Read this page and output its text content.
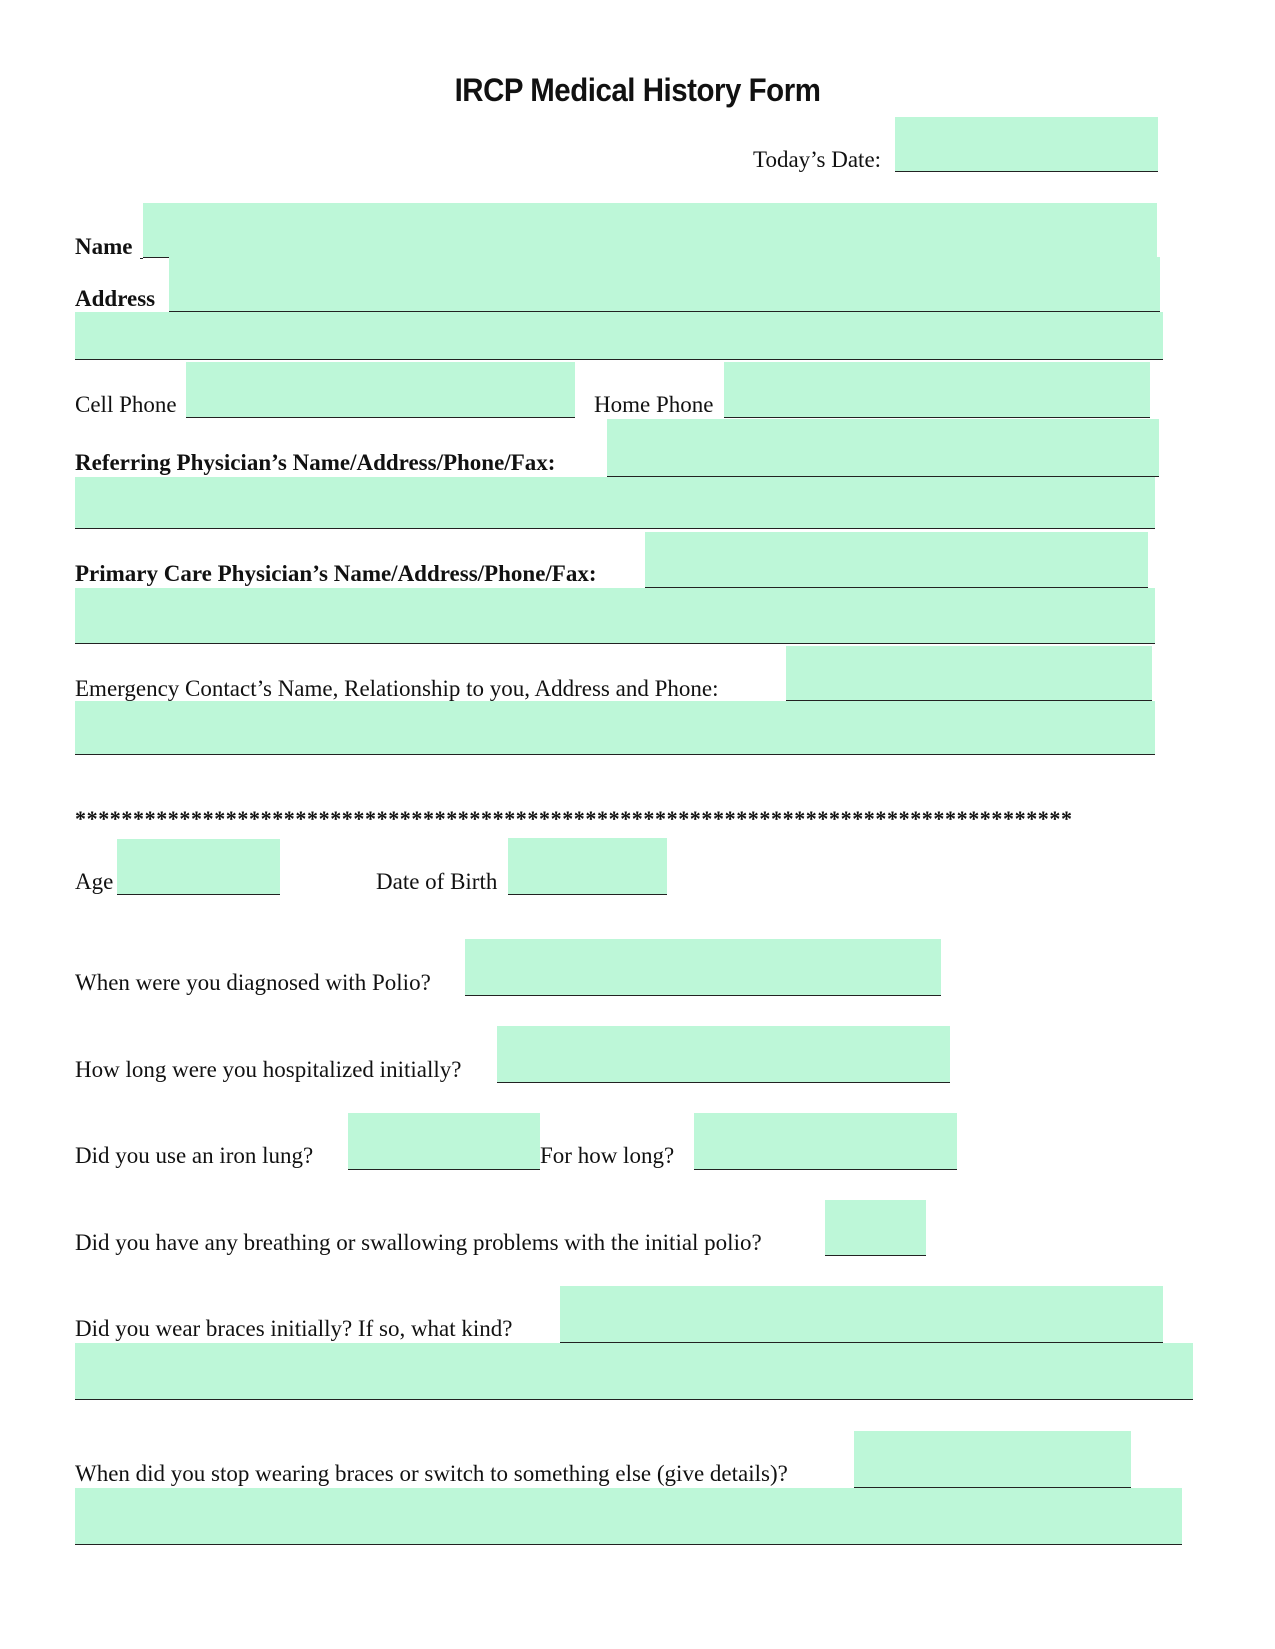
IRCP Medical History Form
Today’s Date:
Name
Address
Cell Phone	Home Phone
Referring Physician’s Name/Address/Phone/Fax:
Primary Care Physician’s Name/Address/Phone/Fax:
Emergency Contact’s Name, Relationship to you, Address and Phone:
**************************************************************************************
Age	Date of Birth
When were you diagnosed with Polio?
How long were you hospitalized initially?
Did you use an iron lung?	For how long?
Did you have any breathing or swallowing problems with the initial polio?
Did you wear braces initially? If so, what kind?
When did you stop wearing braces or switch to something else (give details)?
